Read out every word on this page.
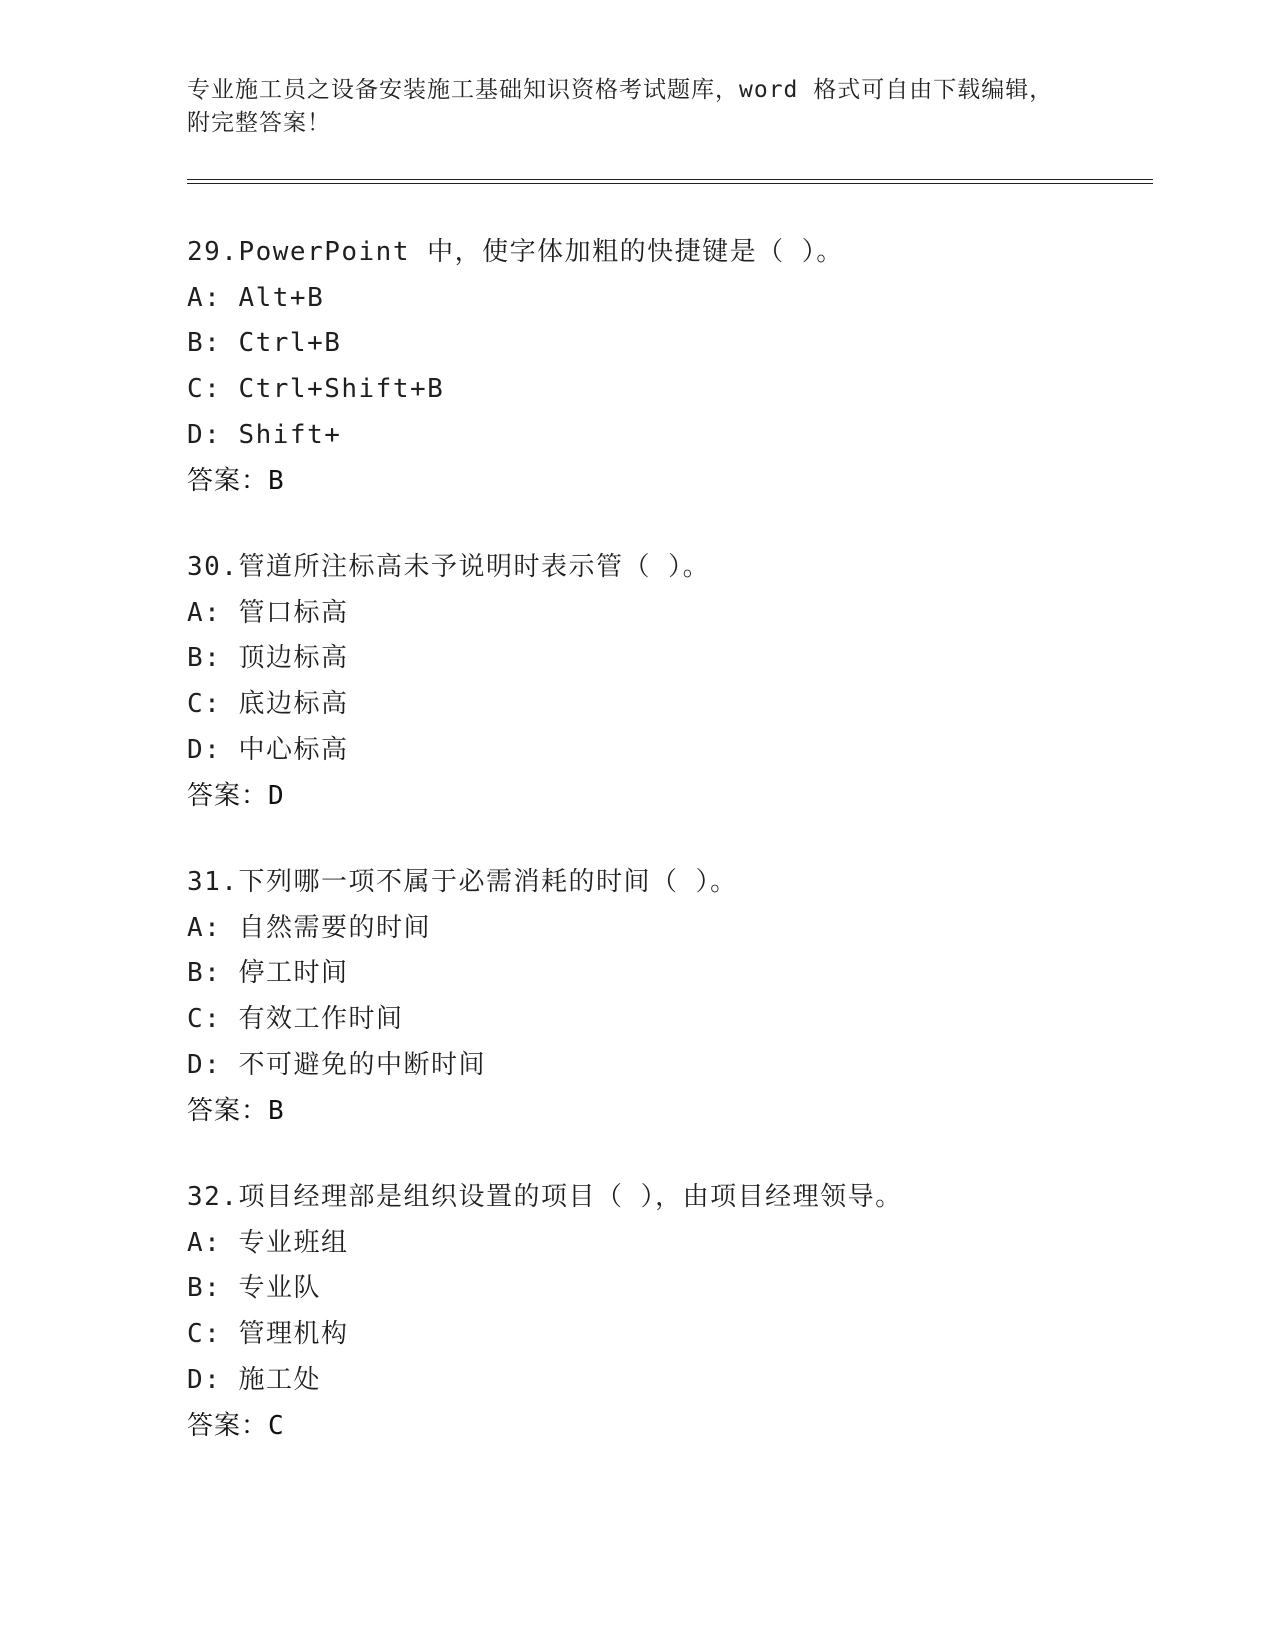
专业施工员之设备安装施工基础知识资格考试题库，word 格式可自由下载编辑，
附完整答案！
29.PowerPoint 中，使字体加粗的快捷键是（ ）。
A: Alt+B
B: Ctrl+B
C: Ctrl+Shift+B
D: Shift+
答案：B
30.管道所注标高未予说明时表示管（ ）。
A: 管口标高
B: 顶边标高
C: 底边标高
D: 中心标高
答案：D
31.下列哪一项不属于必需消耗的时间（ ）。
A: 自然需要的时间
B: 停工时间
C: 有效工作时间
D: 不可避免的中断时间
答案：B
32.项目经理部是组织设置的项目（ ），由项目经理领导。
A: 专业班组
B: 专业队
C: 管理机构
D: 施工处
答案：C
